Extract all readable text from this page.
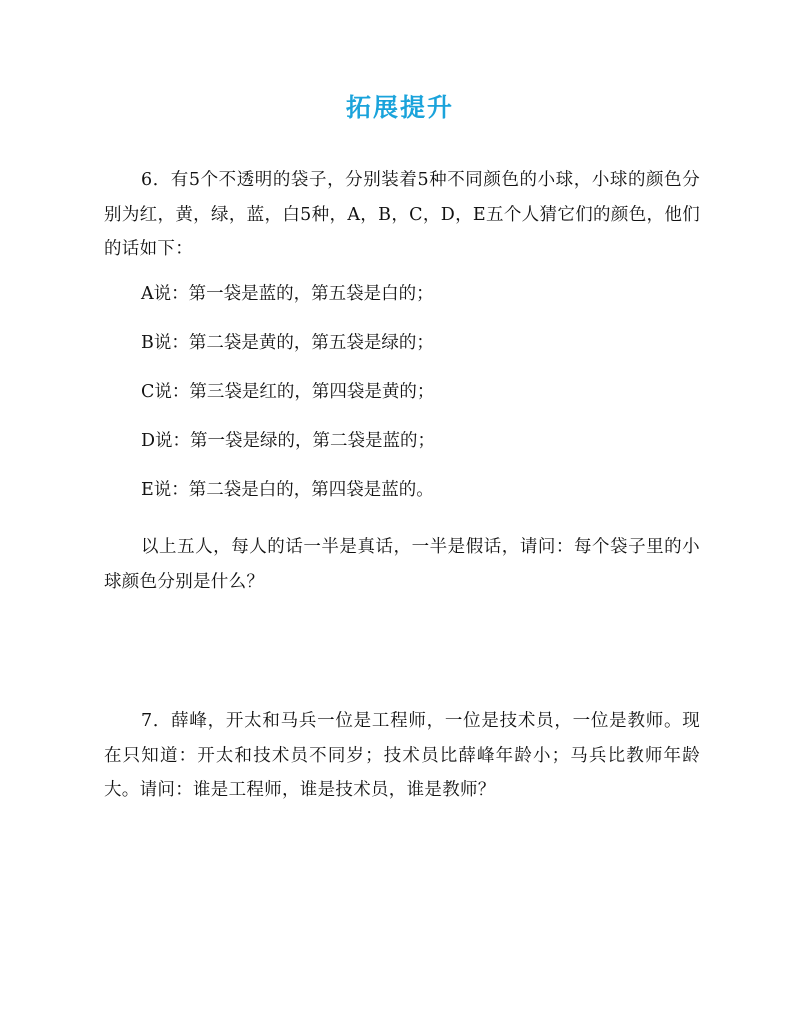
拓展提升
6．有5个不透明的袋子，分别装着5种不同颜色的小球，小球的颜色分别为红，黄，绿，蓝，白5种，A，B，C，D，E五个人猜它们的颜色，他们的话如下：
A说：第一袋是蓝的，第五袋是白的；
B说：第二袋是黄的，第五袋是绿的；
C说：第三袋是红的，第四袋是黄的；
D说：第一袋是绿的，第二袋是蓝的；
E说：第二袋是白的，第四袋是蓝的。
以上五人，每人的话一半是真话，一半是假话，请问：每个袋子里的小球颜色分别是什么？
7．薛峰，开太和马兵一位是工程师，一位是技术员，一位是教师。现在只知道：开太和技术员不同岁；技术员比薛峰年龄小；马兵比教师年龄大。请问：谁是工程师，谁是技术员，谁是教师？
